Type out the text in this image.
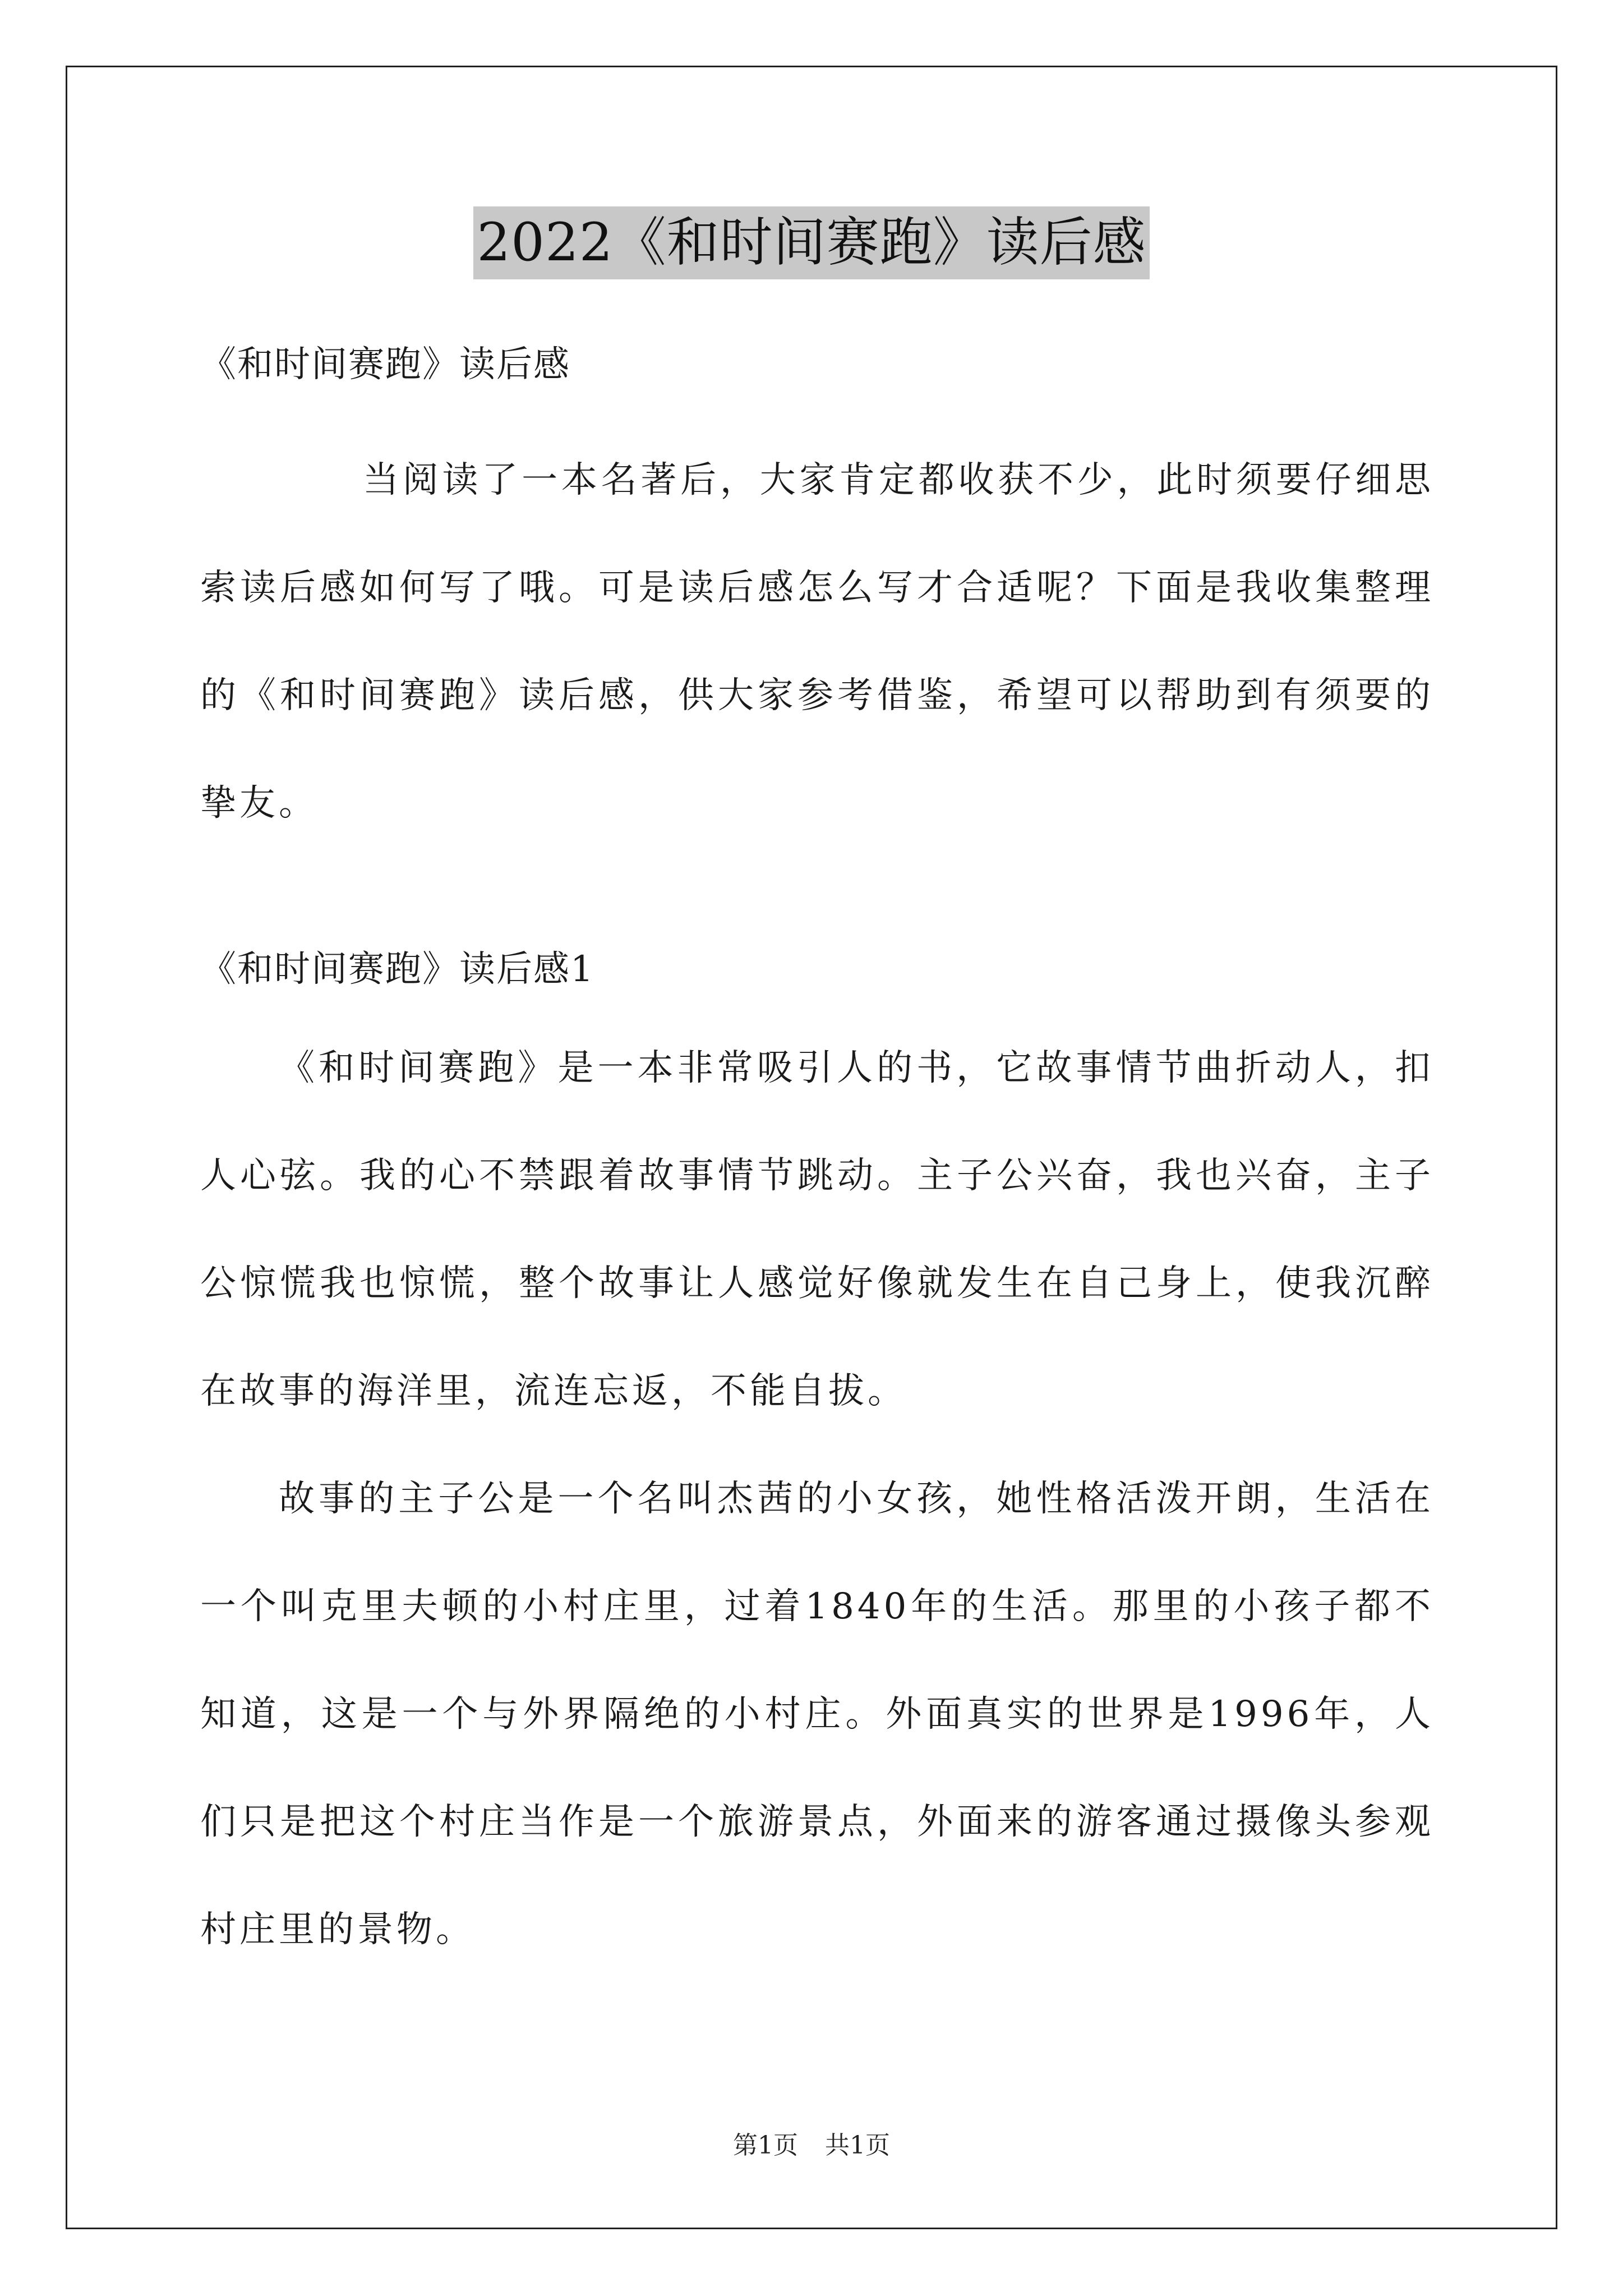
2022《和时间赛跑》读后感

《和时间赛跑》读后感

当阅读了一本名著后，大家肯定都收获不少，此时须要仔细思索读后感如何写了哦。可是读后感怎么写才合适呢？下面是我收集整理的《和时间赛跑》读后感，供大家参考借鉴，希望可以帮助到有须要的挚友。

《和时间赛跑》读后感1

《和时间赛跑》是一本非常吸引人的书，它故事情节曲折动人，扣人心弦。我的心不禁跟着故事情节跳动。主子公兴奋，我也兴奋，主子公惊慌我也惊慌，整个故事让人感觉好像就发生在自己身上，使我沉醉在故事的海洋里，流连忘返，不能自拔。

故事的主子公是一个名叫杰茜的小女孩，她性格活泼开朗，生活在一个叫克里夫顿的小村庄里，过着1840年的生活。那里的小孩子都不知道，这是一个与外界隔绝的小村庄。外面真实的世界是1996年，人们只是把这个村庄当作是一个旅游景点，外面来的游客通过摄像头参观村庄里的景物。

第1页 共1页
